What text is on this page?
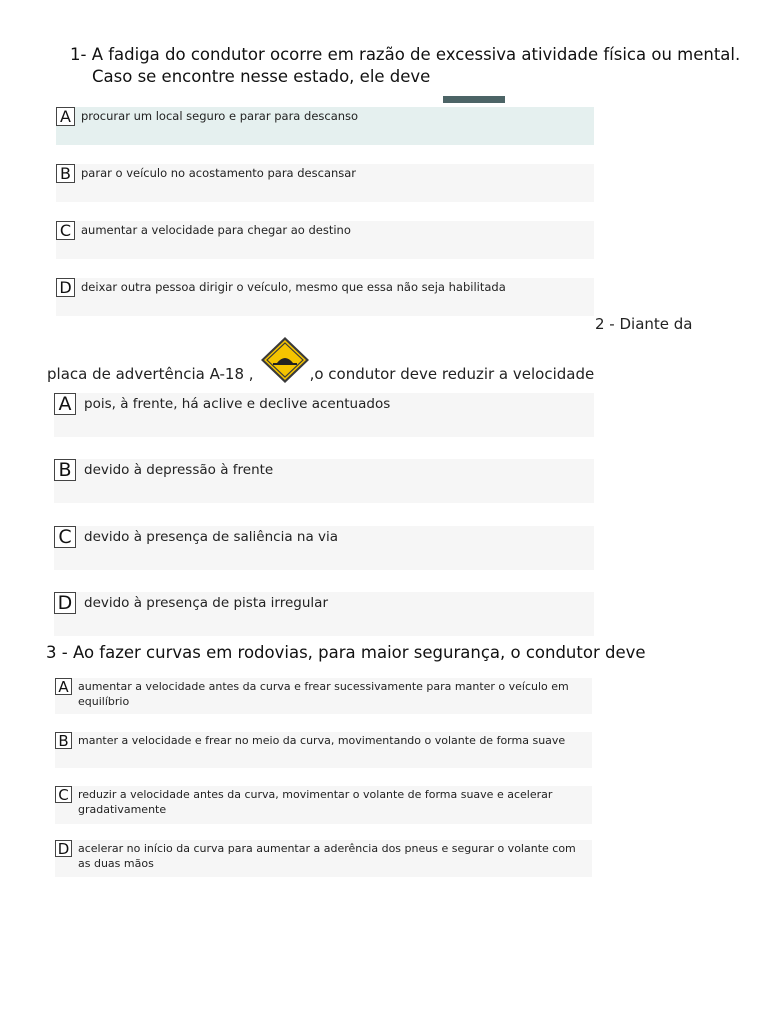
1- A fadiga do condutor ocorre em razão de excessiva atividade física ou mental. Caso se encontre nesse estado, ele deve
A procurar um local seguro e parar para descanso
B parar o veículo no acostamento para descansar
C aumentar a velocidade para chegar ao destino
D deixar outra pessoa dirigir o veículo, mesmo que essa não seja habilitada
2 - Diante da
placa de advertência A-18 ,	,o condutor deve reduzir a velocidade
A pois, à frente, há aclive e declive acentuados
B devido à depressão à frente
C devido à presença de saliência na via
D devido à presença de pista irregular
3 - Ao fazer curvas em rodovias, para maior segurança, o condutor deve
A aumentar a velocidade antes da curva e frear sucessivamente para manter o veículo em equilíbrio
B manter a velocidade e frear no meio da curva, movimentando o volante de forma suave
C reduzir a velocidade antes da curva, movimentar o volante de forma suave e acelerar gradativamente
D acelerar no início da curva para aumentar a aderência dos pneus e segurar o volante com as duas mãos
